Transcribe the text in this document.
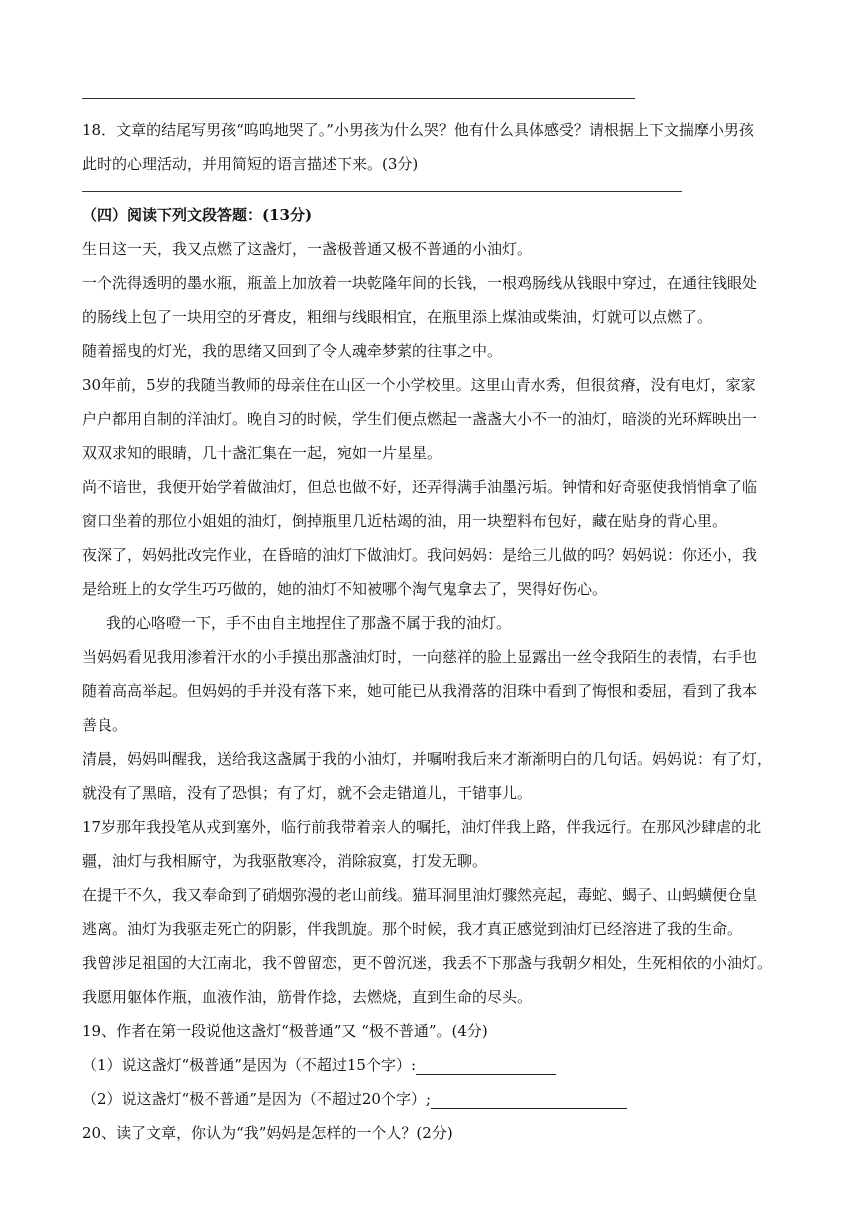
18．文章的结尾写男孩“呜呜地哭了。”小男孩为什么哭？他有什么具体感受？请根据上下文揣摩小男孩
此时的心理活动，并用简短的语言描述下来。(3分)
（四）阅读下列文段答题：(13分)
生日这一天，我又点燃了这盏灯，一盏极普通又极不普通的小油灯。
一个洗得透明的墨水瓶，瓶盖上加放着一块乾隆年间的长钱，一根鸡肠线从钱眼中穿过，在通往钱眼处
的肠线上包了一块用空的牙膏皮，粗细与线眼相宜，在瓶里添上煤油或柴油，灯就可以点燃了。
随着摇曳的灯光，我的思绪又回到了令人魂牵梦萦的往事之中。
30年前，5岁的我随当教师的母亲住在山区一个小学校里。这里山青水秀，但很贫瘠，没有电灯，家家
户户都用自制的洋油灯。晚自习的时候，学生们便点燃起一盏盏大小不一的油灯，暗淡的光环辉映出一
双双求知的眼睛，几十盏汇集在一起，宛如一片星星。
尚不谙世，我便开始学着做油灯，但总也做不好，还弄得满手油墨污垢。钟情和好奇驱使我悄悄拿了临
窗口坐着的那位小姐姐的油灯，倒掉瓶里几近枯竭的油，用一块塑料布包好，藏在贴身的背心里。
夜深了，妈妈批改完作业，在昏暗的油灯下做油灯。我问妈妈：是给三儿做的吗？妈妈说：你还小，我
是给班上的女学生巧巧做的，她的油灯不知被哪个淘气鬼拿去了，哭得好伤心。
我的心咯噔一下，手不由自主地捏住了那盏不属于我的油灯。
当妈妈看见我用渗着汗水的小手摸出那盏油灯时，一向慈祥的脸上显露出一丝令我陌生的表情，右手也
随着高高举起。但妈妈的手并没有落下来，她可能已从我滑落的泪珠中看到了悔恨和委屈，看到了我本
善良。
清晨，妈妈叫醒我，送给我这盏属于我的小油灯，并嘱咐我后来才渐渐明白的几句话。妈妈说：有了灯，
就没有了黑暗，没有了恐惧；有了灯，就不会走错道儿，干错事儿。
17岁那年我投笔从戎到塞外，临行前我带着亲人的嘱托，油灯伴我上路，伴我远行。在那风沙肆虐的北
疆，油灯与我相厮守，为我驱散寒冷，消除寂寞，打发无聊。
在提干不久，我又奉命到了硝烟弥漫的老山前线。猫耳洞里油灯骤然亮起，毒蛇、蝎子、山蚂蟥便仓皇
逃离。油灯为我驱走死亡的阴影，伴我凯旋。那个时候，我才真正感觉到油灯已经溶进了我的生命。
我曾涉足祖国的大江南北，我不曾留恋，更不曾沉迷，我丢不下那盏与我朝夕相处，生死相依的小油灯。
我愿用躯体作瓶，血液作油，筋骨作捻，去燃烧，直到生命的尽头。
19、作者在第一段说他这盏灯“极普通”又 “极不普通”。(4分)
（1）说这盏灯“极普通”是因为（不超过15个字）:
（2）说这盏灯“极不普通”是因为（不超过20个字）;
20、读了文章，你认为“我”妈妈是怎样的一个人？(2分)
